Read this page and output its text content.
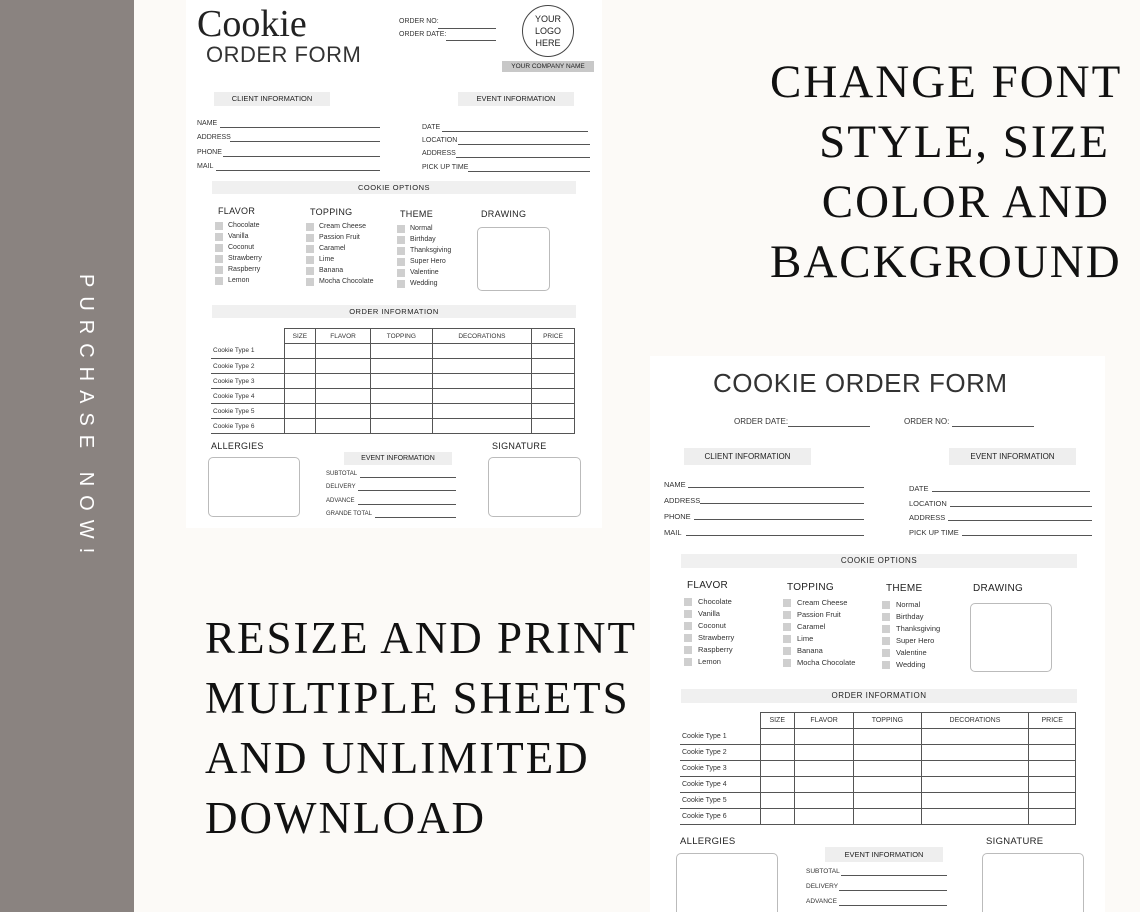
PURCHASE NOW!
CHANGE FONT
STYLE, SIZE
COLOR AND
BACKGROUND
RESIZE AND PRINT
MULTIPLE SHEETS
AND UNLIMITED
DOWNLOAD
Cookie
ORDER FORM
ORDER NO:
ORDER DATE:
YOUR
LOGO
HERE
YOUR COMPANY NAME
CLIENT INFORMATION	EVENT INFORMATION
NAME
ADDRESS
PHONE
MAIL
DATE
LOCATION
ADDRESS
PICK UP TIME
COOKIE OPTIONS
FLAVOR	TOPPING	THEME	DRAWING
Chocolate
Vanilla
Coconut
Strawberry
Raspberry
Lemon
Cream Cheese
Passion Fruit
Caramel
Lime
Banana
Mocha Chocolate
Normal
Birthday
Thanksgiving
Super Hero
Valentine
Wedding
ORDER INFORMATION
	SIZE	FLAVOR	TOPPING	DECORATIONS	PRICE
Cookie Type 1					
Cookie Type 2					
Cookie Type 3					
Cookie Type 4					
Cookie Type 5					
Cookie Type 6					
ALLERGIES
EVENT INFORMATION
SUBTOTAL
DELIVERY
ADVANCE
GRANDE TOTAL
SIGNATURE
COOKIE ORDER FORM
ORDER DATE:	ORDER NO:
CLIENT INFORMATION	EVENT INFORMATION
NAME
ADDRESS
PHONE
MAIL
DATE
LOCATION
ADDRESS
PICK UP TIME
COOKIE OPTIONS
FLAVOR	TOPPING	THEME	DRAWING
Chocolate
Vanilla
Coconut
Strawberry
Raspberry
Lemon
Cream Cheese
Passion Fruit
Caramel
Lime
Banana
Mocha Chocolate
Normal
Birthday
Thanksgiving
Super Hero
Valentine
Wedding
ORDER INFORMATION
	SIZE	FLAVOR	TOPPING	DECORATIONS	PRICE
Cookie Type 1					
Cookie Type 2					
Cookie Type 3					
Cookie Type 4					
Cookie Type 5					
Cookie Type 6					
ALLERGIES
EVENT INFORMATION
SUBTOTAL
DELIVERY
ADVANCE
SIGNATURE
